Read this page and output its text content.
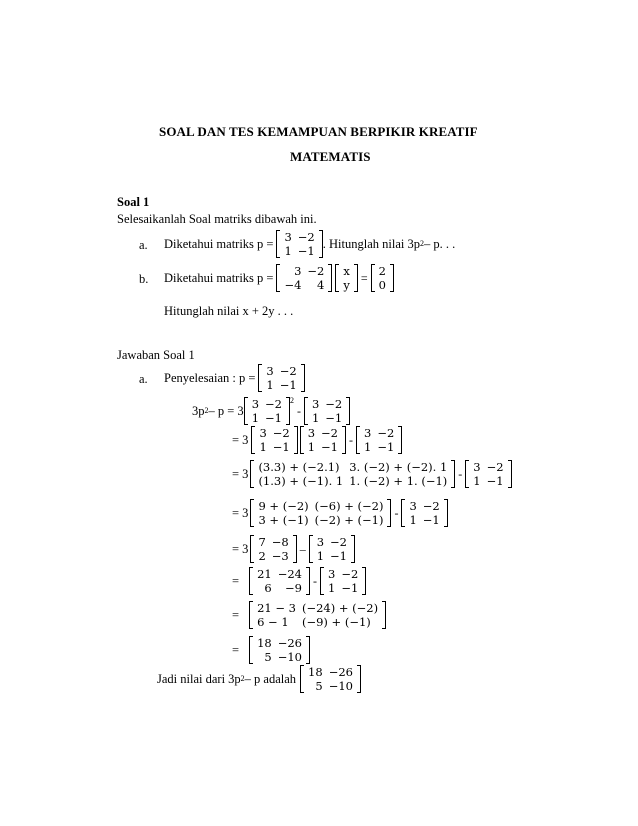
SOAL DAN TES KEMAMPUAN BERPIKIR KREATIF
MATEMATIS
Soal 1
Selesaikanlah Soal matriks dibawah ini.
a. Diketahui matriks p = 3	−2
1	−1 . Hitunglah nilai 3p 2 – p. . .
b. Diketahui matriks p = 3	−2
−4	4
x
y = 2
0
Hitunglah nilai x + 2y . . .
Jawaban Soal 1
a. Penyelesaian : p = 3	−2
1	−1
3p 2 – p = 3 3	−2
1	−1
2
- 3	−2
1	−1
= 3 3	−2
1	−1
3	−2
1	−1 - 3	−2
1	−1
= 3 (3.3) + (−2.1)	3. (−2) + (−2). 1
(1.3) + (−1). 1	1. (−2) + 1. (−1) - 3	−2
1	−1
= 3 9 + (−2)	(−6) + (−2)
3 + (−1)	(−2) + (−1) - 3	−2
1	−1
= 3 7	−8
2	−3 – 3	−2
1	−1
= 21	−24
6	−9 - 3	−2
1	−1
= 21 − 3	(−24) + (−2)
6 − 1	(−9) + (−1)
= 18	−26
5	−10
Jadi nilai dari 3p 2 – p adalah 18	−26
5	−10
